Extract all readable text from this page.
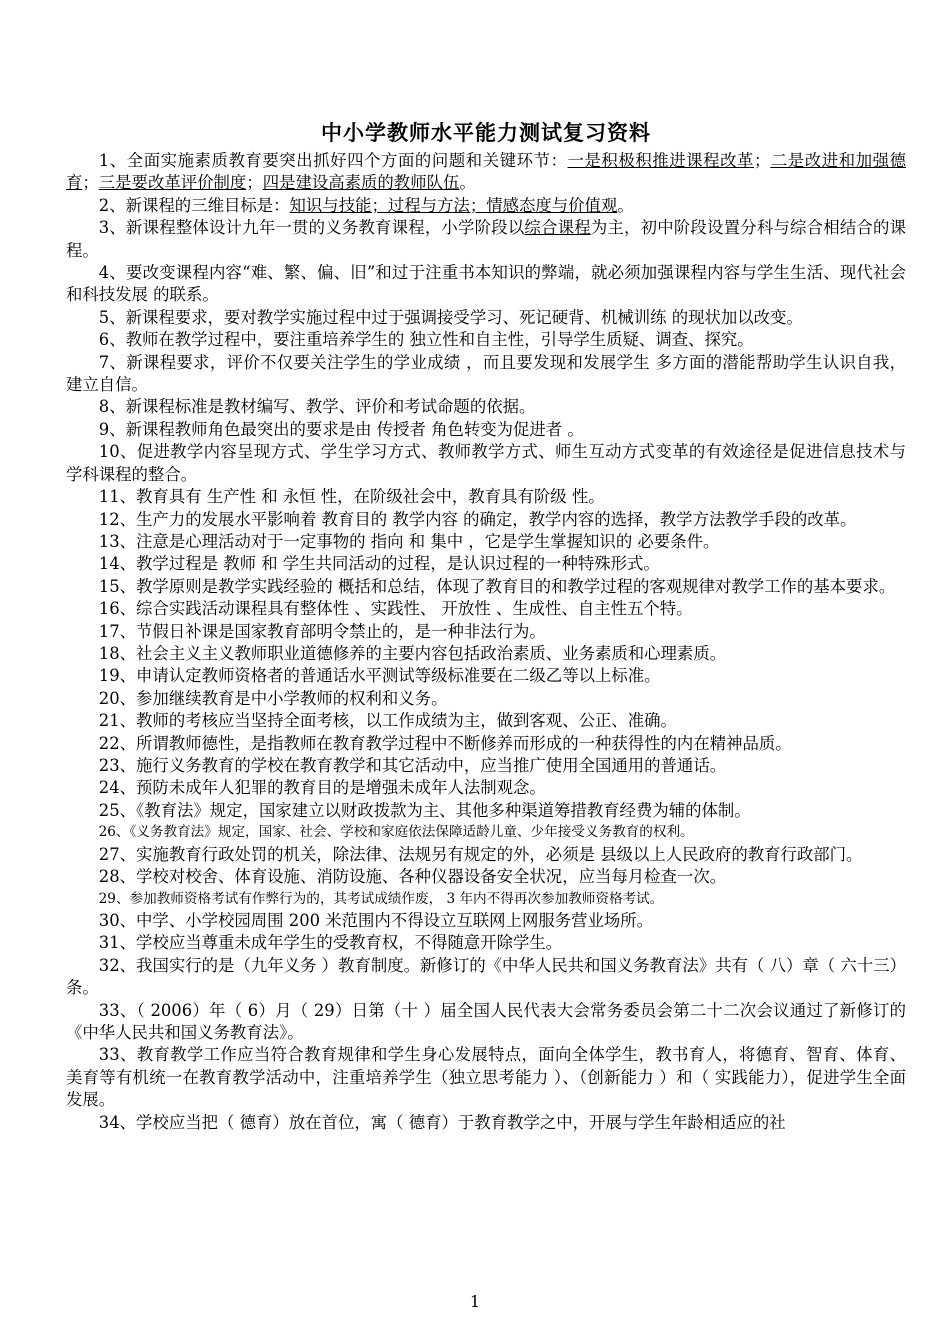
中小学教师水平能力测试复习资料
1、全面实施素质教育要突出抓好四个方面的问题和关键环节：一是积极积推进课程改革；二是改进和加强德育；三是要改革评价制度；四是建设高素质的教师队伍。
2、新课程的三维目标是：知识与技能；过程与方法；情感态度与价值观。
3、新课程整体设计九年一贯的义务教育课程，小学阶段以综合课程为主，初中阶段设置分科与综合相结合的课程。
4、要改变课程内容“难、繁、偏、旧”和过于注重书本知识的弊端，就必须加强课程内容与学生生活、现代社会和科技发展 的联系。
5、新课程要求，要对教学实施过程中过于强调接受学习、死记硬背、机械训练 的现状加以改变。
6、教师在教学过程中，要注重培养学生的 独立性和自主性，引导学生质疑、调查、探究。
7、新课程要求，评价不仅要关注学生的学业成绩 ，而且要发现和发展学生 多方面的潜能帮助学生认识自我，建立自信。
8、新课程标准是教材编写、教学、评价和考试命题的依据。
9、新课程教师角色最突出的要求是由 传授者 角色转变为促进者 。
10、促进教学内容呈现方式、学生学习方式、教师教学方式、师生互动方式变革的有效途径是促进信息技术与学科课程的整合。
11、教育具有 生产性 和 永恒 性，在阶级社会中，教育具有阶级 性。
12、生产力的发展水平影响着 教育目的 教学内容 的确定，教学内容的选择，教学方法教学手段的改革。
13、注意是心理活动对于一定事物的 指向 和 集中 ，它是学生掌握知识的 必要条件。
14、教学过程是 教师 和 学生共同活动的过程，是认识过程的一种特殊形式。
15、教学原则是教学实践经验的 概括和总结，体现了教育目的和教学过程的客观规律对教学工作的基本要求。
16、综合实践活动课程具有整体性 、实践性、 开放性 、生成性、自主性五个特。
17、节假日补课是国家教育部明令禁止的，是一种非法行为。
18、社会主义主义教师职业道德修养的主要内容包括政治素质、业务素质和心理素质。
19、申请认定教师资格者的普通话水平测试等级标准要在二级乙等以上标准。
20、参加继续教育是中小学教师的权利和义务。
21、教师的考核应当坚持全面考核，以工作成绩为主，做到客观、公正、准确。
22、所谓教师德性，是指教师在教育教学过程中不断修养而形成的一种获得性的内在精神品质。
23、施行义务教育的学校在教育教学和其它活动中，应当推广使用全国通用的普通话。
24、预防未成年人犯罪的教育目的是增强未成年人法制观念。
25、《教育法》规定，国家建立以财政拨款为主、其他多种渠道筹措教育经费为辅的体制。
26、《义务教育法》规定，国家、社会、学校和家庭依法保障适龄儿童、少年接受义务教育的权利。
27、实施教育行政处罚的机关，除法律、法规另有规定的外，必须是 县级以上人民政府的教育行政部门。
28、学校对校舍、体育设施、消防设施、各种仪器设备安全状况，应当每月检查一次。
29、参加教师资格考试有作弊行为的，其考试成绩作废， 3 年内不得再次参加教师资格考试。
30、中学、小学校园周围 200 米范围内不得设立互联网上网服务营业场所。
31、学校应当尊重未成年学生的受教育权，不得随意开除学生。
32、我国实行的是（九年义务 ）教育制度。新修订的《中华人民共和国义务教育法》共有（ 八）章（ 六十三）条。
33、（ 2006）年（ 6）月（ 29）日第（十 ）届全国人民代表大会常务委员会第二十二次会议通过了新修订的《中华人民共和国义务教育法》。
33、教育教学工作应当符合教育规律和学生身心发展特点，面向全体学生，教书育人，将德育、智育、体育、美育等有机统一在教育教学活动中，注重培养学生（独立思考能力 ）、（创新能力 ）和（ 实践能力），促进学生全面发展。
34、学校应当把（ 德育）放在首位，寓（ 德育）于教育教学之中，开展与学生年龄相适应的社
1
